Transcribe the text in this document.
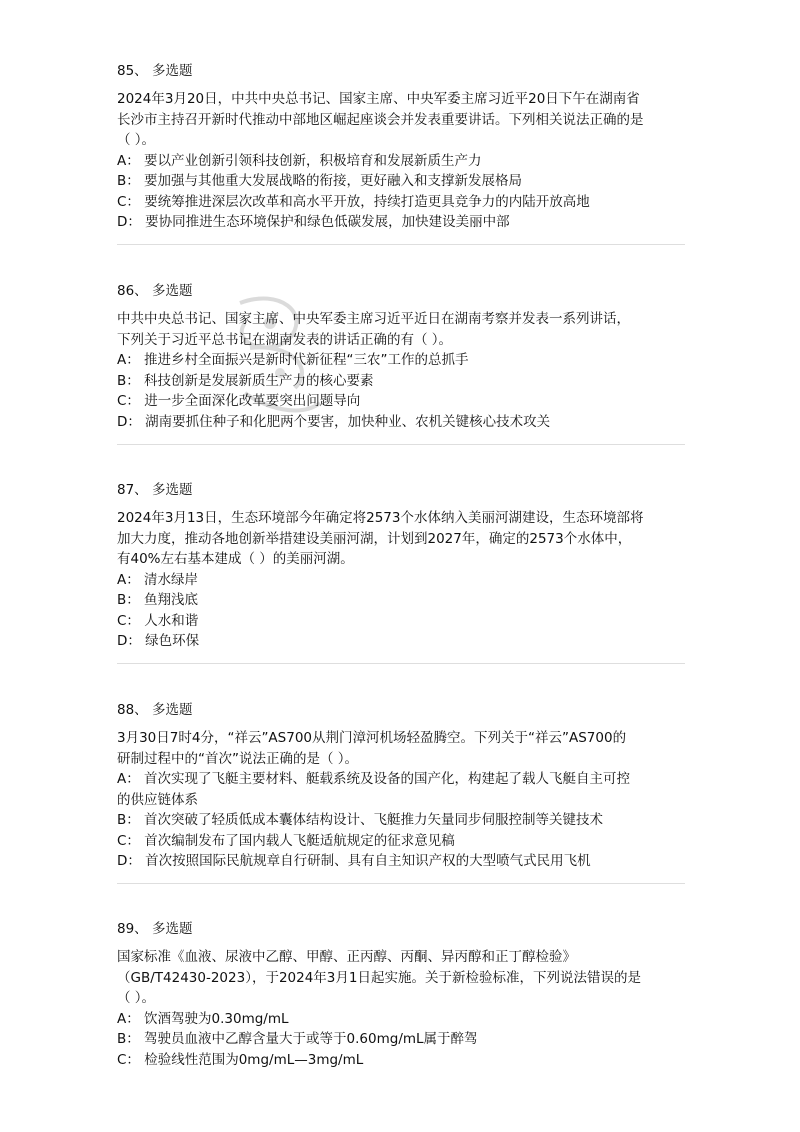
85、 多选题
2024年3月20日，中共中央总书记、国家主席、中央军委主席习近平20日下午在湖南省
长沙市主持召开新时代推动中部地区崛起座谈会并发表重要讲话。下列相关说法正确的是
（ ）。
A： 要以产业创新引领科技创新，积极培育和发展新质生产力
B： 要加强与其他重大发展战略的衔接，更好融入和支撑新发展格局
C： 要统筹推进深层次改革和高水平开放，持续打造更具竞争力的内陆开放高地
D： 要协同推进生态环境保护和绿色低碳发展，加快建设美丽中部
86、 多选题
中共中央总书记、国家主席、中央军委主席习近平近日在湖南考察并发表一系列讲话，
下列关于习近平总书记在湖南发表的讲话正确的有（ ）。
A： 推进乡村全面振兴是新时代新征程“三农”工作的总抓手
B： 科技创新是发展新质生产力的核心要素
C： 进一步全面深化改革要突出问题导向
D： 湖南要抓住种子和化肥两个要害，加快种业、农机关键核心技术攻关
87、 多选题
2024年3月13日，生态环境部今年确定将2573个水体纳入美丽河湖建设，生态环境部将
加大力度，推动各地创新举措建设美丽河湖，计划到2027年，确定的2573个水体中，
有40%左右基本建成（ ）的美丽河湖。
A： 清水绿岸
B： 鱼翔浅底
C： 人水和谐
D： 绿色环保
88、 多选题
3月30日7时4分，“祥云”AS700从荆门漳河机场轻盈腾空。下列关于“祥云”AS700的
研制过程中的“首次”说法正确的是（ ）。
A： 首次实现了飞艇主要材料、艇载系统及设备的国产化，构建起了载人飞艇自主可控
的供应链体系
B： 首次突破了轻质低成本囊体结构设计、飞艇推力矢量同步伺服控制等关键技术
C： 首次编制发布了国内载人飞艇适航规定的征求意见稿
D： 首次按照国际民航规章自行研制、具有自主知识产权的大型喷气式民用飞机
89、 多选题
国家标准《血液、尿液中乙醇、甲醇、正丙醇、丙酮、异丙醇和正丁醇检验》
（GB/T42430-2023），于2024年3月1日起实施。关于新检验标准，下列说法错误的是
（ ）。
A： 饮酒驾驶为0.30mg/mL
B： 驾驶员血液中乙醇含量大于或等于0.60mg/mL属于醉驾
C： 检验线性范围为0mg/mL—3mg/mL
